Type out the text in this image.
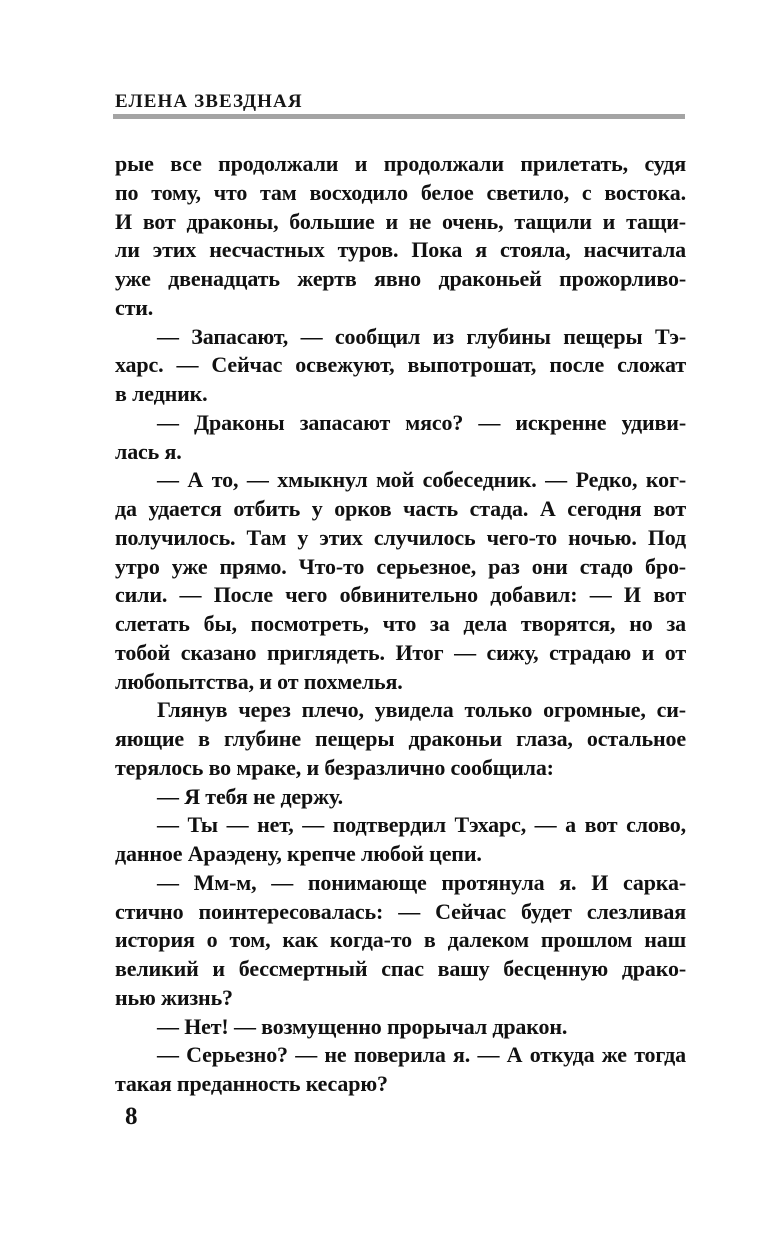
ЕЛЕНА ЗВЕЗДНАЯ
рые все продолжали и продолжали прилетать, судя
по тому, что там восходило белое светило, с востока.
И вот драконы, большие и не очень, тащили и тащи-
ли этих несчастных туров. Пока я стояла, насчитала
уже двенадцать жертв явно драконьей прожорливо-
сти.
— Запасают, — сообщил из глубины пещеры Тэ-
харс. — Сейчас освежуют, выпотрошат, после сложат
в ледник.
— Драконы запасают мясо? — искренне удиви-
лась я.
— А то, — хмыкнул мой собеседник. — Редко, ког-
да удается отбить у орков часть стада. А сегодня вот
получилось. Там у этих случилось чего-то ночью. Под
утро уже прямо. Что-то серьезное, раз они стадо бро-
сили. — После чего обвинительно добавил: — И вот
слетать бы, посмотреть, что за дела творятся, но за
тобой сказано приглядеть. Итог — сижу, страдаю и от
любопытства, и от похмелья.
Глянув через плечо, увидела только огромные, си-
яющие в глубине пещеры драконьи глаза, остальное
терялось во мраке, и безразлично сообщила:
— Я тебя не держу.
— Ты — нет, — подтвердил Тэхарс, — а вот слово,
данное Араэдену, крепче любой цепи.
— Мм-м, — понимающе протянула я. И сарка-
стично поинтересовалась: — Сейчас будет слезливая
история о том, как когда-то в далеком прошлом наш
великий и бессмертный спас вашу бесценную драко-
нью жизнь?
— Нет! — возмущенно прорычал дракон.
— Серьезно? — не поверила я. — А откуда же тогда
такая преданность кесарю?
8
